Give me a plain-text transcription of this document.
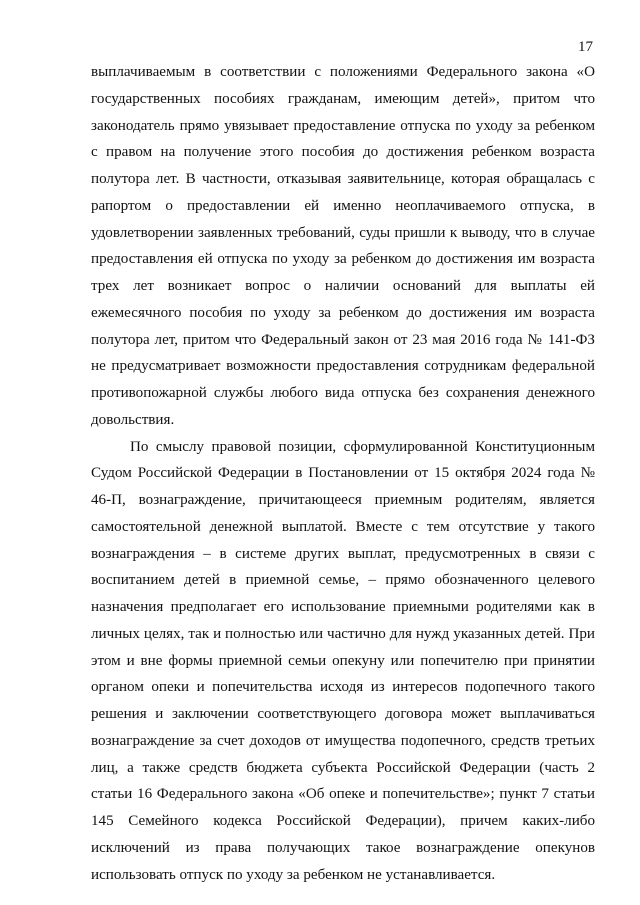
17

выплачиваемым в соответствии с положениями Федерального закона «О государственных пособиях гражданам, имеющим детей», притом что законодатель прямо увязывает предоставление отпуска по уходу за ребенком с правом на получение этого пособия до достижения ребенком возраста полутора лет. В частности, отказывая заявительнице, которая обращалась с рапортом о предоставлении ей именно неоплачиваемого отпуска, в удовлетворении заявленных требований, суды пришли к выводу, что в случае предоставления ей отпуска по уходу за ребенком до достижения им возраста трех лет возникает вопрос о наличии оснований для выплаты ей ежемесячного пособия по уходу за ребенком до достижения им возраста полутора лет, притом что Федеральный закон от 23 мая 2016 года № 141-ФЗ не предусматривает возможности предоставления сотрудникам федеральной противопожарной службы любого вида отпуска без сохранения денежного довольствия.

По смыслу правовой позиции, сформулированной Конституционным Судом Российской Федерации в Постановлении от 15 октября 2024 года № 46-П, вознаграждение, причитающееся приемным родителям, является самостоятельной денежной выплатой. Вместе с тем отсутствие у такого вознаграждения – в системе других выплат, предусмотренных в связи с воспитанием детей в приемной семье, – прямо обозначенного целевого назначения предполагает его использование приемными родителями как в личных целях, так и полностью или частично для нужд указанных детей. При этом и вне формы приемной семьи опекуну или попечителю при принятии органом опеки и попечительства исходя из интересов подопечного такого решения и заключении соответствующего договора может выплачиваться вознаграждение за счет доходов от имущества подопечного, средств третьих лиц, а также средств бюджета субъекта Российской Федерации (часть 2 статьи 16 Федерального закона «Об опеке и попечительстве»; пункт 7 статьи 145 Семейного кодекса Российской Федерации), причем каких-либо исключений из права получающих такое вознаграждение опекунов использовать отпуск по уходу за ребенком не устанавливается.
